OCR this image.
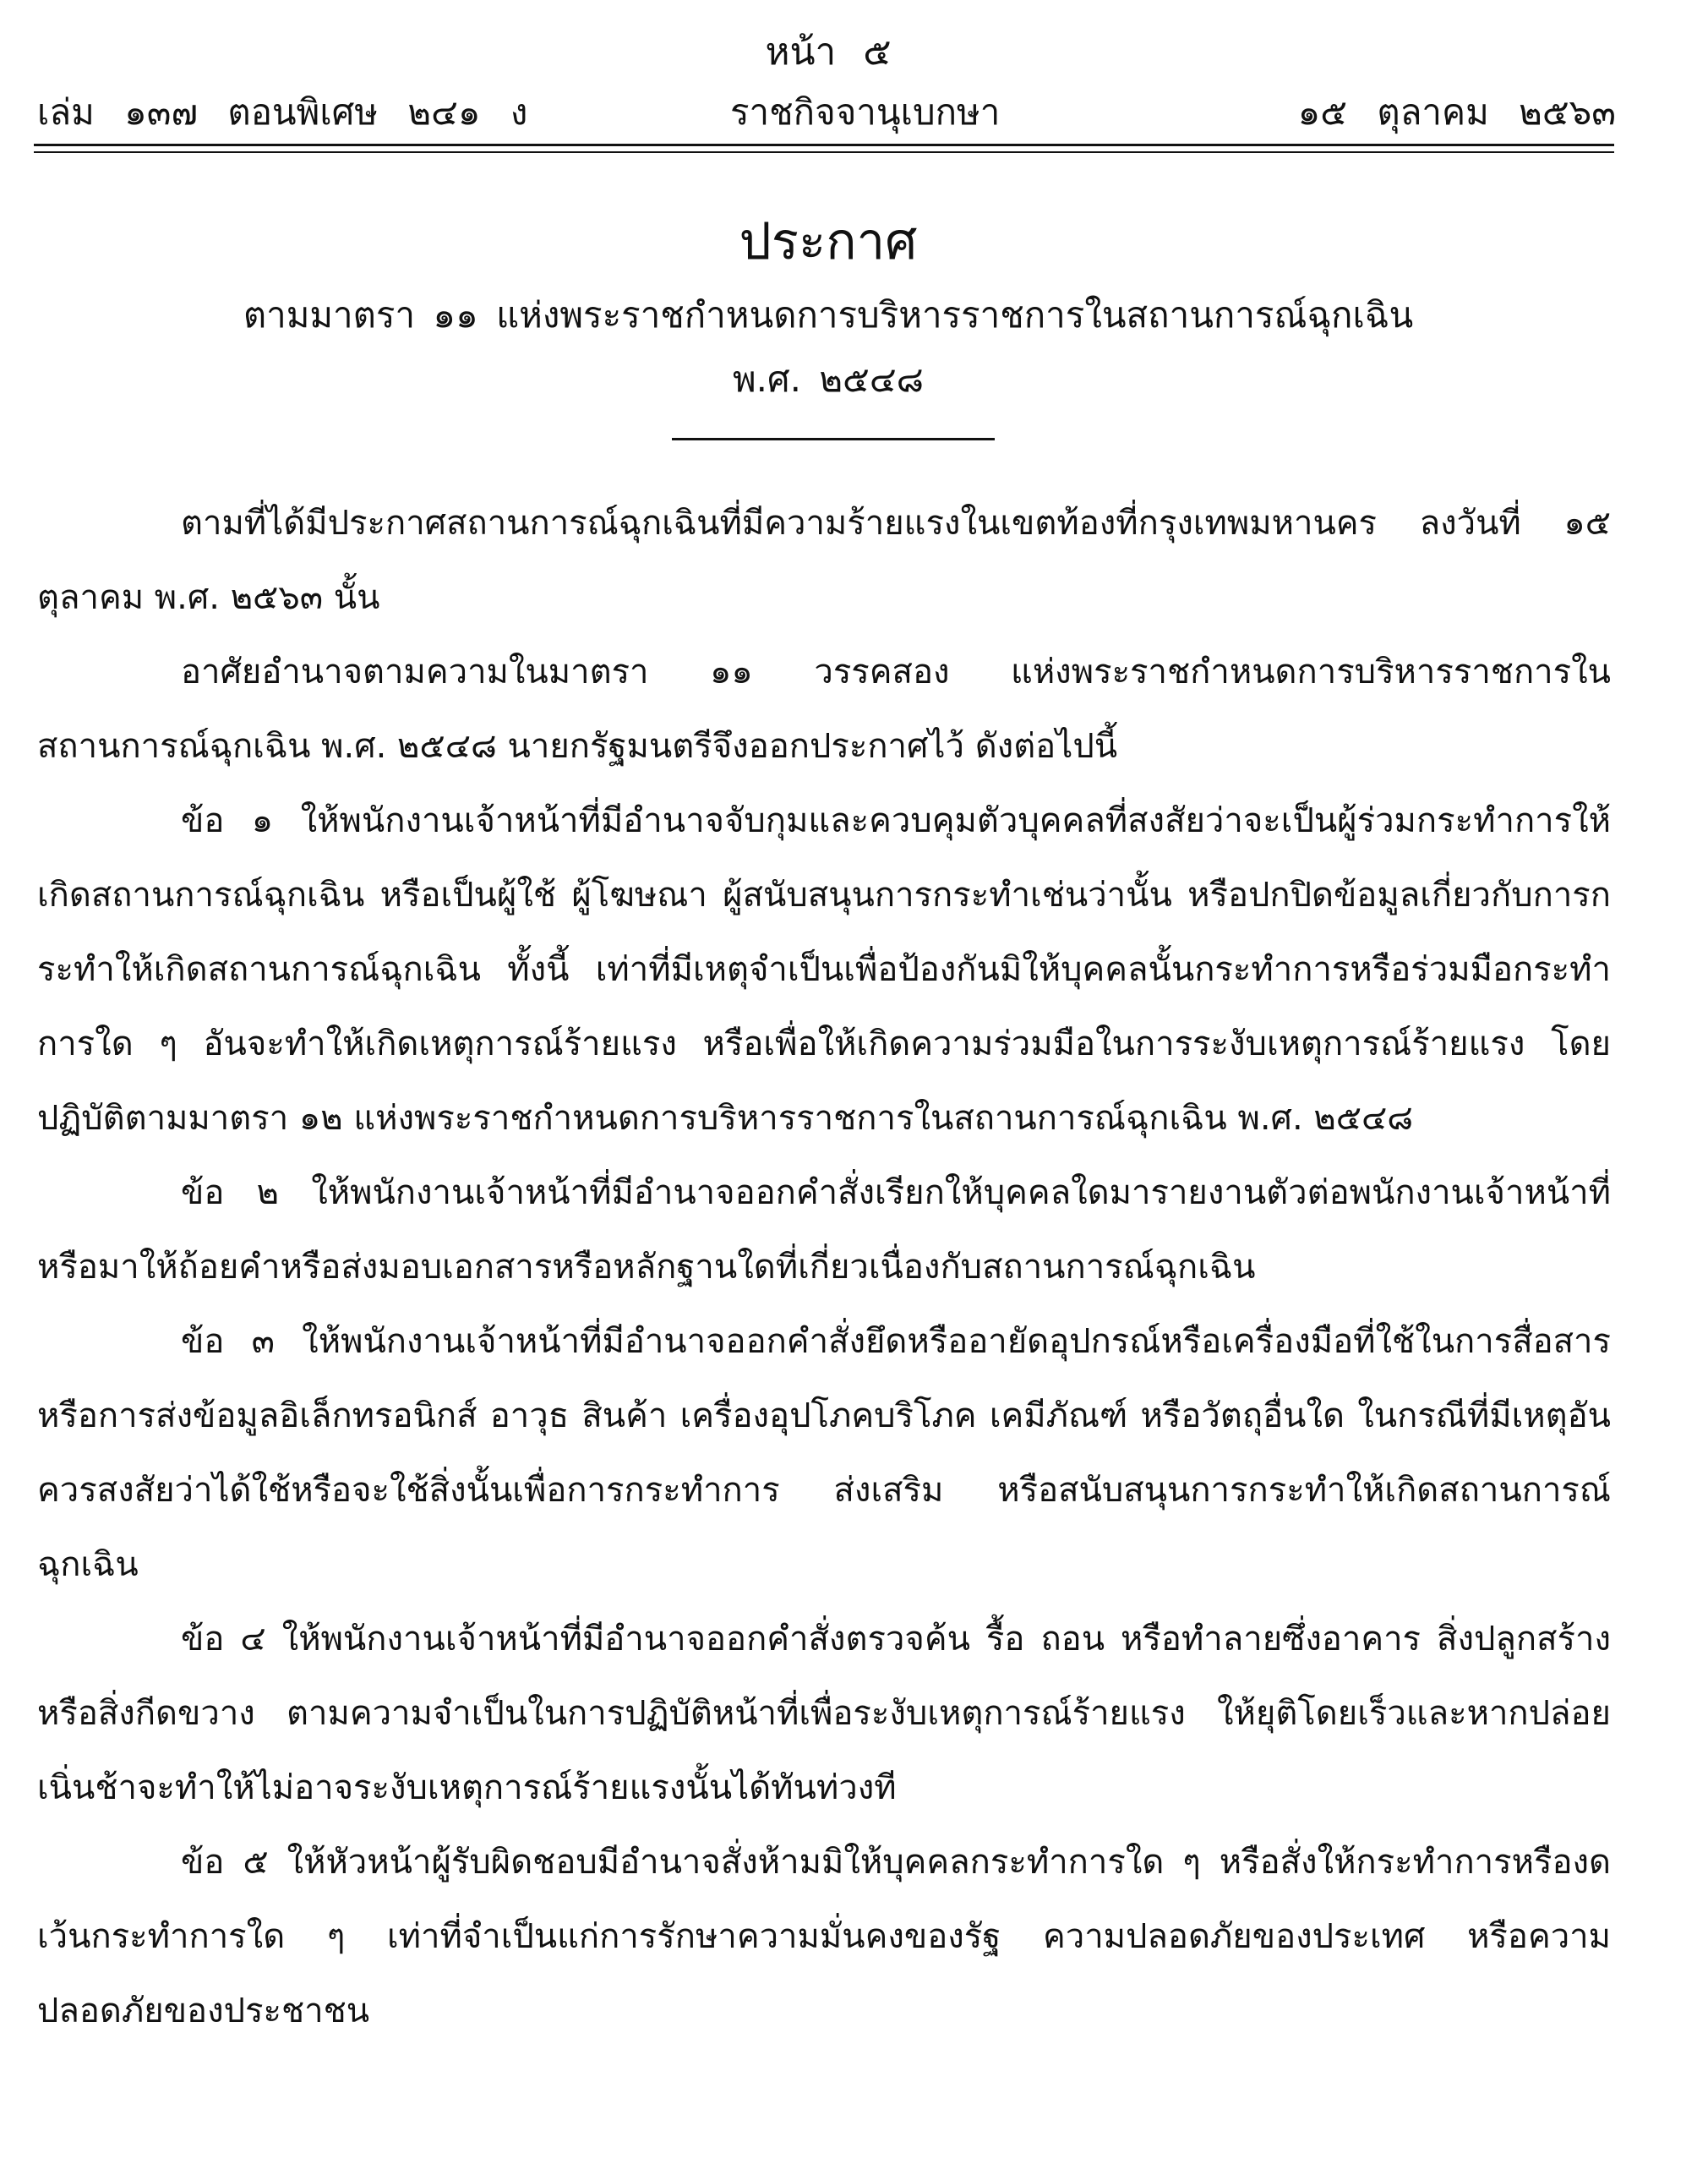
หน้า ๕
เล่ม ๑๓๗ ตอนพิเศษ ๒๔๑ ง	ราชกิจจานุเบกษา	๑๕ ตุลาคม ๒๕๖๓
ประกาศ
ตามมาตรา ๑๑ แห่งพระราชกำหนดการบริหารราชการในสถานการณ์ฉุกเฉิน
พ.ศ. ๒๕๔๘

ตามที่ได้มีประกาศสถานการณ์ฉุกเฉินที่มีความร้ายแรงในเขตท้องที่กรุงเทพมหานคร ลงวันที่ ๑๕ ตุลาคม พ.ศ. ๒๕๖๓ นั้น

อาศัยอำนาจตามความในมาตรา ๑๑ วรรคสอง แห่งพระราชกำหนดการบริหารราชการในสถานการณ์ฉุกเฉิน พ.ศ. ๒๕๔๘ นายกรัฐมนตรีจึงออกประกาศไว้ ดังต่อไปนี้

ข้อ ๑ ให้พนักงานเจ้าหน้าที่มีอำนาจจับกุมและควบคุมตัวบุคคลที่สงสัยว่าจะเป็นผู้ร่วมกระทำการให้เกิดสถานการณ์ฉุกเฉิน หรือเป็นผู้ใช้ ผู้โฆษณา ผู้สนับสนุนการกระทำเช่นว่านั้น หรือปกปิดข้อมูลเกี่ยวกับการกระทำให้เกิดสถานการณ์ฉุกเฉิน ทั้งนี้ เท่าที่มีเหตุจำเป็นเพื่อป้องกันมิให้บุคคลนั้นกระทำการหรือร่วมมือกระทำการใด ๆ อันจะทำให้เกิดเหตุการณ์ร้ายแรง หรือเพื่อให้เกิดความร่วมมือในการระงับเหตุการณ์ร้ายแรง โดยปฏิบัติตามมาตรา ๑๒ แห่งพระราชกำหนดการบริหารราชการในสถานการณ์ฉุกเฉิน พ.ศ. ๒๕๔๘

ข้อ ๒ ให้พนักงานเจ้าหน้าที่มีอำนาจออกคำสั่งเรียกให้บุคคลใดมารายงานตัวต่อพนักงานเจ้าหน้าที่หรือมาให้ถ้อยคำหรือส่งมอบเอกสารหรือหลักฐานใดที่เกี่ยวเนื่องกับสถานการณ์ฉุกเฉิน

ข้อ ๓ ให้พนักงานเจ้าหน้าที่มีอำนาจออกคำสั่งยึดหรืออายัดอุปกรณ์หรือเครื่องมือที่ใช้ในการสื่อสารหรือการส่งข้อมูลอิเล็กทรอนิกส์ อาวุธ สินค้า เครื่องอุปโภคบริโภค เคมีภัณฑ์ หรือวัตถุอื่นใด ในกรณีที่มีเหตุอันควรสงสัยว่าได้ใช้หรือจะใช้สิ่งนั้นเพื่อการกระทำการ ส่งเสริม หรือสนับสนุนการกระทำให้เกิดสถานการณ์ฉุกเฉิน

ข้อ ๔ ให้พนักงานเจ้าหน้าที่มีอำนาจออกคำสั่งตรวจค้น รื้อ ถอน หรือทำลายซึ่งอาคาร สิ่งปลูกสร้าง หรือสิ่งกีดขวาง ตามความจำเป็นในการปฏิบัติหน้าที่เพื่อระงับเหตุการณ์ร้ายแรง ให้ยุติโดยเร็วและหากปล่อยเนิ่นช้าจะทำให้ไม่อาจระงับเหตุการณ์ร้ายแรงนั้นได้ทันท่วงที

ข้อ ๕ ให้หัวหน้าผู้รับผิดชอบมีอำนาจสั่งห้ามมิให้บุคคลกระทำการใด ๆ หรือสั่งให้กระทำการหรืองดเว้นกระทำการใด ๆ เท่าที่จำเป็นแก่การรักษาความมั่นคงของรัฐ ความปลอดภัยของประเทศ หรือความปลอดภัยของประชาชน
